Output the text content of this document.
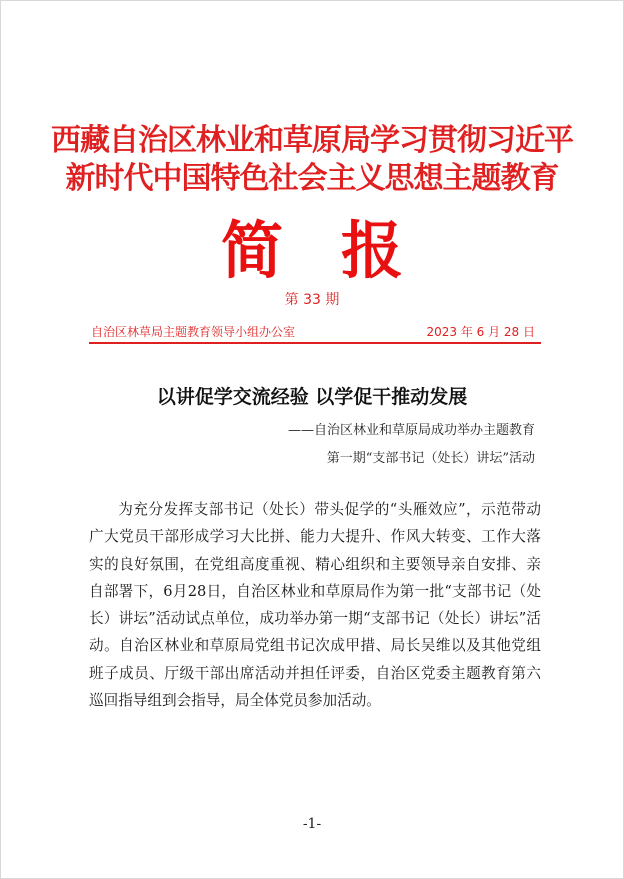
西藏自治区林业和草原局学习贯彻习近平
新时代中国特色社会主义思想主题教育
简报
第 33 期
自治区林草局主题教育领导小组办公室	2023 年 6 月 28 日
以讲促学交流经验 以学促干推动发展
——自治区林业和草原局成功举办主题教育
第一期“支部书记（处长）讲坛”活动

为充分发挥支部书记（处长）带头促学的“头雁效应”，示范带动广大党员干部形成学习大比拼、能力大提升、作风大转变、工作大落实的良好氛围，在党组高度重视、精心组织和主要领导亲自安排、亲自部署下，6月28日，自治区林业和草原局作为第一批“支部书记（处长）讲坛”活动试点单位，成功举办第一期“支部书记（处长）讲坛”活动。自治区林业和草原局党组书记次成甲措、局长吴维以及其他党组班子成员、厅级干部出席活动并担任评委，自治区党委主题教育第六巡回指导组到会指导，局全体党员参加活动。

-1-
